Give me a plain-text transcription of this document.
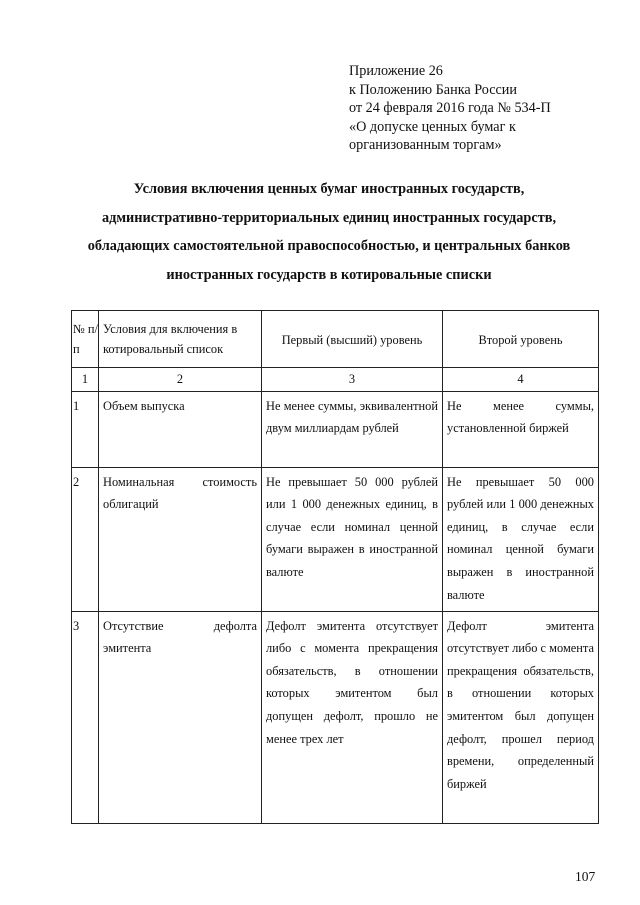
Приложение 26
к Положению Банка России
от 24 февраля 2016 года № 534-П
«О допуске ценных бумаг к
организованным торгам»
Условия включения ценных бумаг иностранных государств,
административно-территориальных единиц иностранных государств,
обладающих самостоятельной правоспособностью, и центральных банков
иностранных государств в котировальные списки
№ п/п	Условия для включения в котировальный список	Первый (высший) уровень	Второй уровень
1	2	3	4
1	Объем выпуска	Не менее суммы, эквивалентной двум миллиардам рублей	Не менее суммы, установленной биржей
2	Номинальная стоимость облигаций	Не превышает 50 000 рублей или 1 000 денежных единиц, в случае если номинал ценной бумаги выражен в иностранной валюте	Не превышает 50 000 рублей или 1 000 денежных единиц, в случае если номинал ценной бумаги выражен в иностранной валюте
3	Отсутствие дефолта эмитента	Дефолт эмитента отсутствует либо с момента прекращения обязательств, в отношении которых эмитентом был допущен дефолт, прошло не менее трех лет	Дефолт эмитента отсутствует либо с момента прекращения обязательств, в отношении которых эмитентом был допущен дефолт, прошел период времени, определенный биржей
107
